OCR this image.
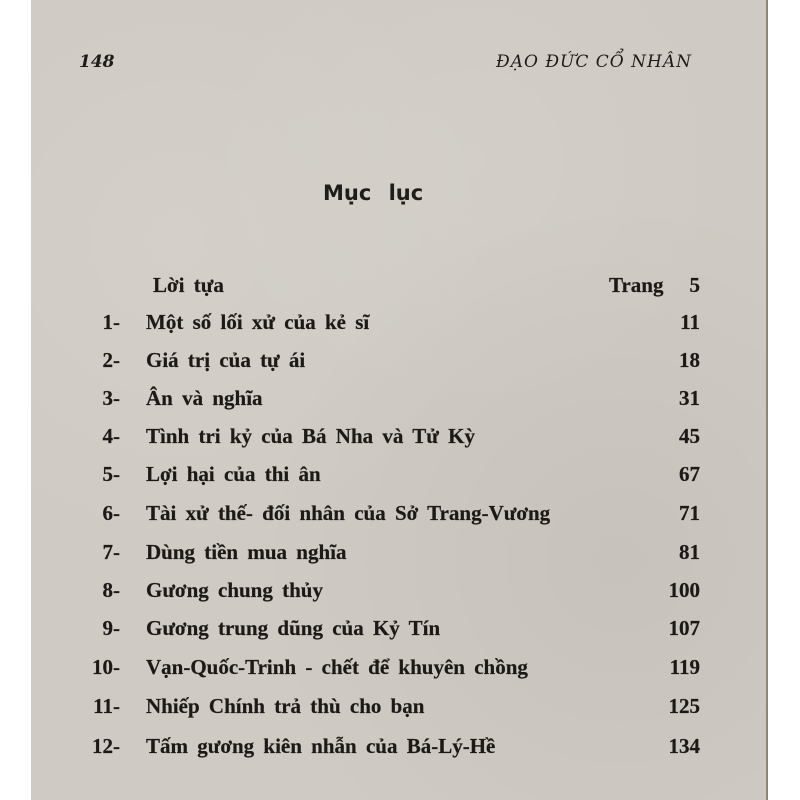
148	ĐẠO ĐỨC CỔ NHÂN
Mục lục
Lời tựa	Trang 5
1- Một số lối xử của kẻ sĩ	11
2- Giá trị của tự ái	18
3- Ân và nghĩa	31
4- Tình tri kỷ của Bá Nha và Tử Kỳ	45
5- Lợi hại của thi ân	67
6- Tài xử thế- đối nhân của Sở Trang-Vương	71
7- Dùng tiền mua nghĩa	81
8- Gương chung thủy	100
9- Gương trung dũng của Kỷ Tín	107
10- Vạn-Quốc-Trinh - chết để khuyên chồng	119
11- Nhiếp Chính trả thù cho bạn	125
12- Tấm gương kiên nhẫn của Bá-Lý-Hề	134
